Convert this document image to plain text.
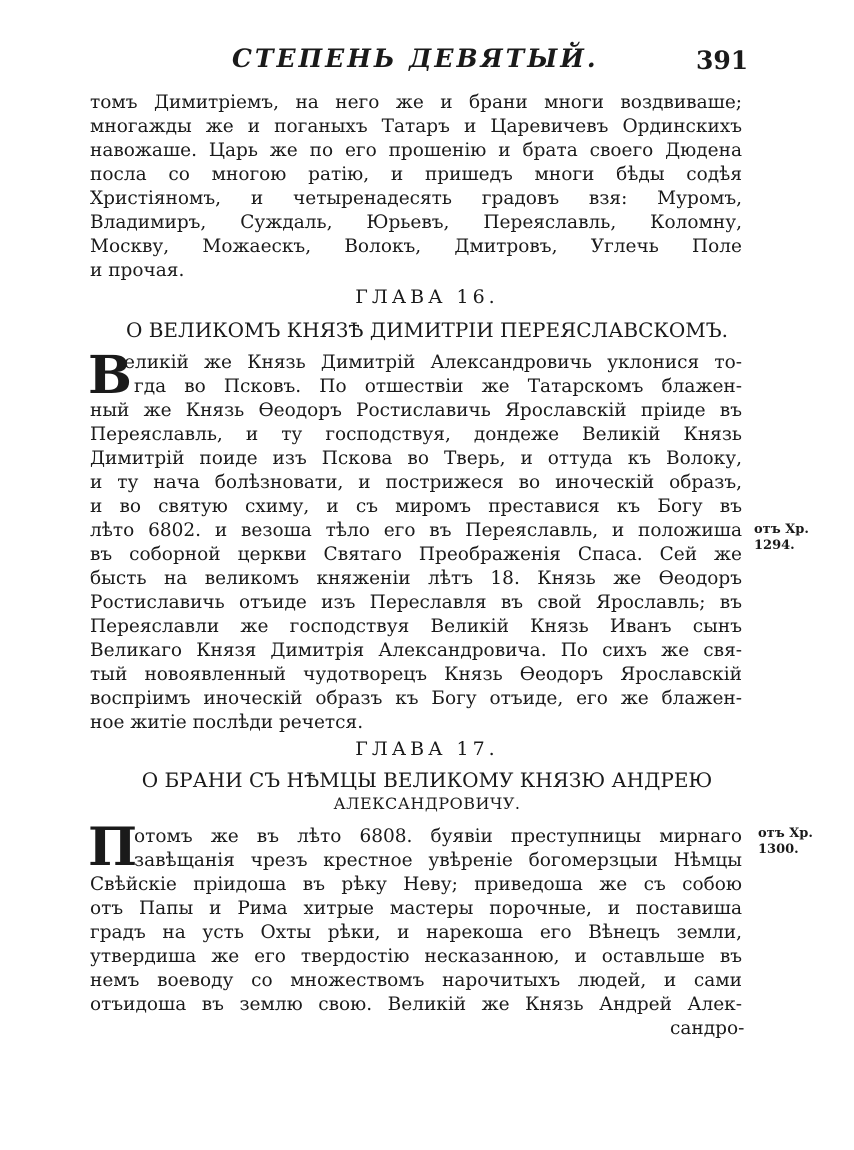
СТЕПЕНЬ ДЕВЯТЫЙ.	391
томъ Димитріемъ, на него же и брани многи воздвиваше;
многажды же и поганыхъ Татаръ и Царевичевъ Ординскихъ
навожаше. Царь же по его прошенію и брата своего Дюдена
посла со многою ратію, и пришедъ многи бѣды содѣя
Христіяномъ, и четыренадесять градовъ взя: Муромъ,
Владимиръ, Суждаль, Юрьевъ, Переяславль, Коломну,
Москву, Можаескъ, Волокъ, Дмитровъ, Углечь Поле
и прочая.
ГЛАВА 16.
О ВЕЛИКОМЪ КНЯЗѢ ДИМИТРІИ ПЕРЕЯСЛАВСКОМЪ.
В
еликій же Князь Димитрій Александровичь уклонися то-
гда во Псковъ. По отшествіи же Татарскомъ блажен-
ный же Князь Ѳеодоръ Ростиславичь Ярославскій пріиде въ
Переяславль, и ту господствуя, дондеже Великій Князь
Димитрій поиде изъ Пскова во Тверь, и оттуда къ Волоку,
и ту нача болѣзновати, и пострижеся во иноческій образъ,
и во святую схиму, и съ миромъ преставися къ Богу въ
лѣто 6802. и везоша тѣло его въ Переяславль, и положиша
въ соборной церкви Святаго Преображенія Спаса. Сей же
бысть на великомъ княженіи лѣтъ 18. Князь же Ѳеодоръ
Ростиславичь отъиде изъ Переславля въ свой Ярославль; въ
Переяславли же господствуя Великій Князь Иванъ сынъ
Великаго Князя Димитрія Александровича. По сихъ же свя-
тый новоявленный чудотворецъ Князь Ѳеодоръ Ярославскій
воспріимъ иноческій образъ къ Богу отъиде, его же блажен-
ное житіе послѣди речется.
отъ Хр.
1294.
ГЛАВА 17.
О БРАНИ СЪ НѢМЦЫ ВЕЛИКОМУ КНЯЗЮ АНДРЕЮ
АЛЕКСАНДРОВИЧУ.
П
отомъ же въ лѣто 6808. буявіи преступницы мирнаго
завѣщанія чрезъ крестное увѣреніе богомерзцыи Нѣмцы
Свѣйскіе пріидоша въ рѣку Неву; приведоша же съ собою
отъ Папы и Рима хитрые мастеры порочные, и поставиша
градъ на усть Охты рѣки, и нарекоша его Вѣнецъ земли,
утвердиша же его твердостію несказанною, и оставльше въ
немъ воеводу со множествомъ нарочитыхъ людей, и сами
отъидоша въ землю свою. Великій же Князь Андрей Алек-
сандро-
отъ Хр.
1300.
